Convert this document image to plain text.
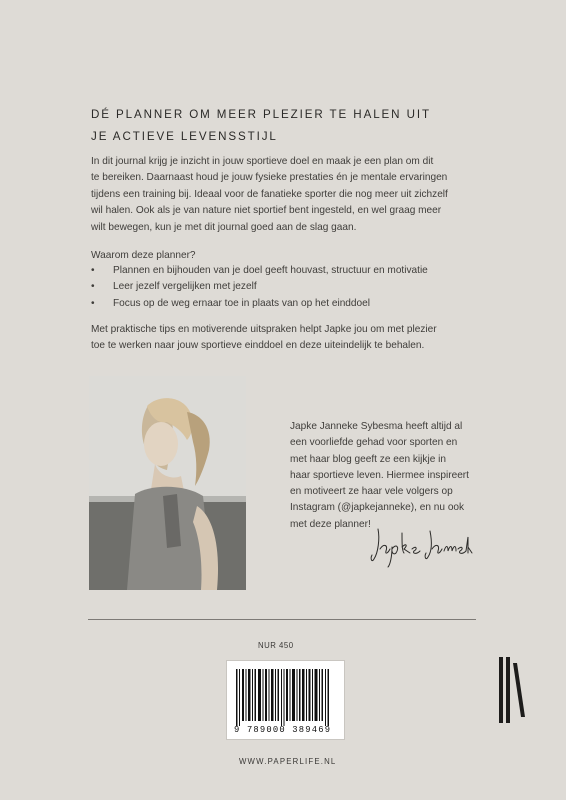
DÉ PLANNER OM MEER PLEZIER TE HALEN UIT
JE ACTIEVE LEVENSSTIJL
In dit journal krijg je inzicht in jouw sportieve doel en maak je een plan om dit
te bereiken. Daarnaast houd je jouw fysieke prestaties én je mentale ervaringen
tijdens een training bij. Ideaal voor de fanatieke sporter die nog meer uit zichzelf
wil halen. Ook als je van nature niet sportief bent ingesteld, en wel graag meer
wilt bewegen, kun je met dit journal goed aan de slag gaan.
Waarom deze planner?
• Plannen en bijhouden van je doel geeft houvast, structuur en motivatie
• Leer jezelf vergelijken met jezelf
• Focus op de weg ernaar toe in plaats van op het einddoel
Met praktische tips en motiverende uitspraken helpt Japke jou om met plezier
toe te werken naar jouw sportieve einddoel en deze uiteindelijk te behalen.
Japke Janneke Sybesma heeft altijd al
een voorliefde gehad voor sporten en
met haar blog geeft ze een kijkje in
haar sportieve leven. Hiermee inspireert
en motiveert ze haar vele volgers op
Instagram (@japkejanneke), en nu ook
met deze planner!
NUR 450
9 789000 389469
WWW.PAPERLIFE.NL
